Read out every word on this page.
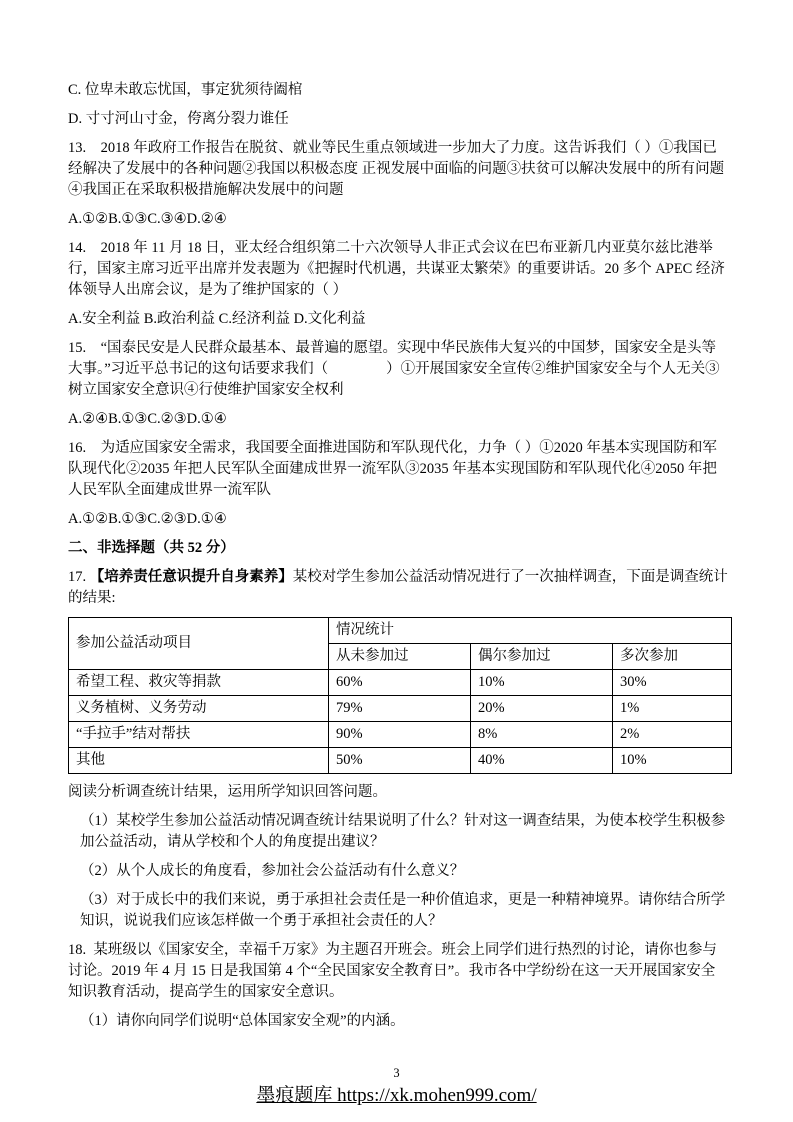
C. 位卑未敢忘忧国，事定犹须待阖棺

D. 寸寸河山寸金，侉离分裂力谁任

13.    2018 年政府工作报告在脱贫、就业等民生重点领域进一步加大了力度。这告诉我们（ ）①我国已经解决了发展中的各种问题②我国以积极态度 正视发展中面临的问题③扶贫可以解决发展中的所有问题④我国正在采取积极措施解决发展中的问题

A.①②B.①③C.③④D.②④

14.    2018 年 11 月 18 日，亚太经合组织第二十六次领导人非正式会议在巴布亚新几内亚莫尔兹比港举行，国家主席习近平出席并发表题为《把握时代机遇，共谋亚太繁荣》的重要讲话。20 多个 APEC 经济体领导人出席会议，是为了维护国家的（ ）

A.安全利益 B.政治利益 C.经济利益 D.文化利益

15.    “国泰民安是人民群众最基本、最普遍的愿望。实现中华民族伟大复兴的中国梦，国家安全是头等大事。”习近平总书记的这句话要求我们（                ）①开展国家安全宣传②维护国家安全与个人无关③树立国家安全意识④行使维护国家安全权利

A.②④B.①③C.②③D.①④

16.    为适应国家安全需求，我国要全面推进国防和军队现代化，力争（ ）①2020 年基本实现国防和军队现代化②2035 年把人民军队全面建成世界一流军队③2035 年基本实现国防和军队现代化④2050 年把人民军队全面建成世界一流军队

A.①②B.①③C.②③D.①④

二、非选择题（共 52 分）

17. 【培养责任意识提升自身素养】某校对学生参加公益活动情况进行了一次抽样调查，下面是调查统计的结果:

参加公益活动项目	情况统计		
	从未参加过	偶尔参加过	多次参加
希望工程、救灾等捐款	60%	10%	30%
义务植树、义务劳动	79%	20%	1%
“手拉手”结对帮扶	90%	8%	2%
其他	50%	40%	10%

阅读分析调查统计结果，运用所学知识回答问题。

（1）某校学生参加公益活动情况调查统计结果说明了什么？针对这一调查结果，为使本校学生积极参加公益活动，请从学校和个人的角度提出建议？

（2）从个人成长的角度看，参加社会公益活动有什么意义？

（3）对于成长中的我们来说，勇于承担社会责任是一种价值追求，更是一种精神境界。请你结合所学知识，说说我们应该怎样做一个勇于承担社会责任的人？

18.  某班级以《国家安全，幸福千万家》为主题召开班会。班会上同学们进行热烈的讨论，请你也参与讨论。2019 年 4 月 15 日是我国第 4 个“全民国家安全教育日”。我市各中学纷纷在这一天开展国家安全知识教育活动，提高学生的国家安全意识。

（1）请你向同学们说明“总体国家安全观”的内涵。

3
墨痕题库 https://xk.mohen999.com/
